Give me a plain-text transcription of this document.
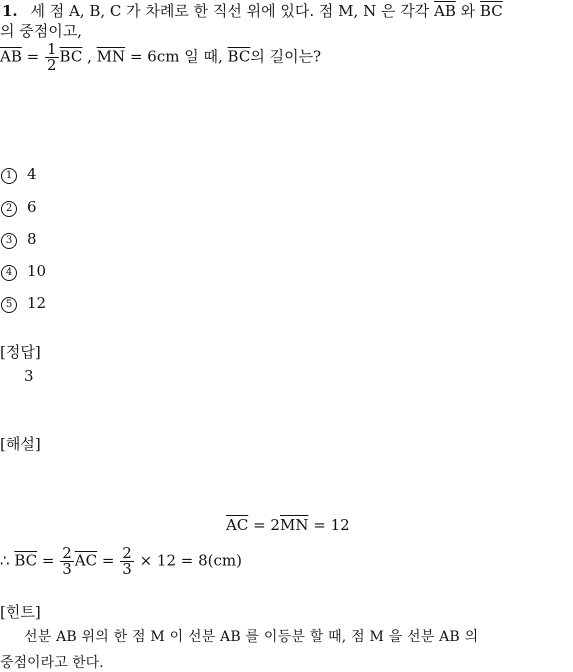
1. 세 점 A, B, C 가 차례로 한 직선 위에 있다. 점 M, N 은 각각 $\overline{AB}$ 와 $\overline{BC}$
의 중점이고,
$\overline{AB} = \frac{1}{2} \overline{BC}$ , $\overline{MN} = 6cm$ 일 때, $\overline{BC}$의 길이는?
1 4
2 6
3 8
4 10
5 12
[정답]
3
[해설]
$\overline{AC} = 2\overline{MN} = 12$
∴ $\overline{BC} = \frac{2}{3} \overline{AC} = \frac{2}{3} \times 12 = 8(cm)$
[힌트]
선분 AB 위의 한 점 M 이 선분 AB 를 이등분 할 때, 점 M 을 선분 AB 의
중점이라고 한다.
